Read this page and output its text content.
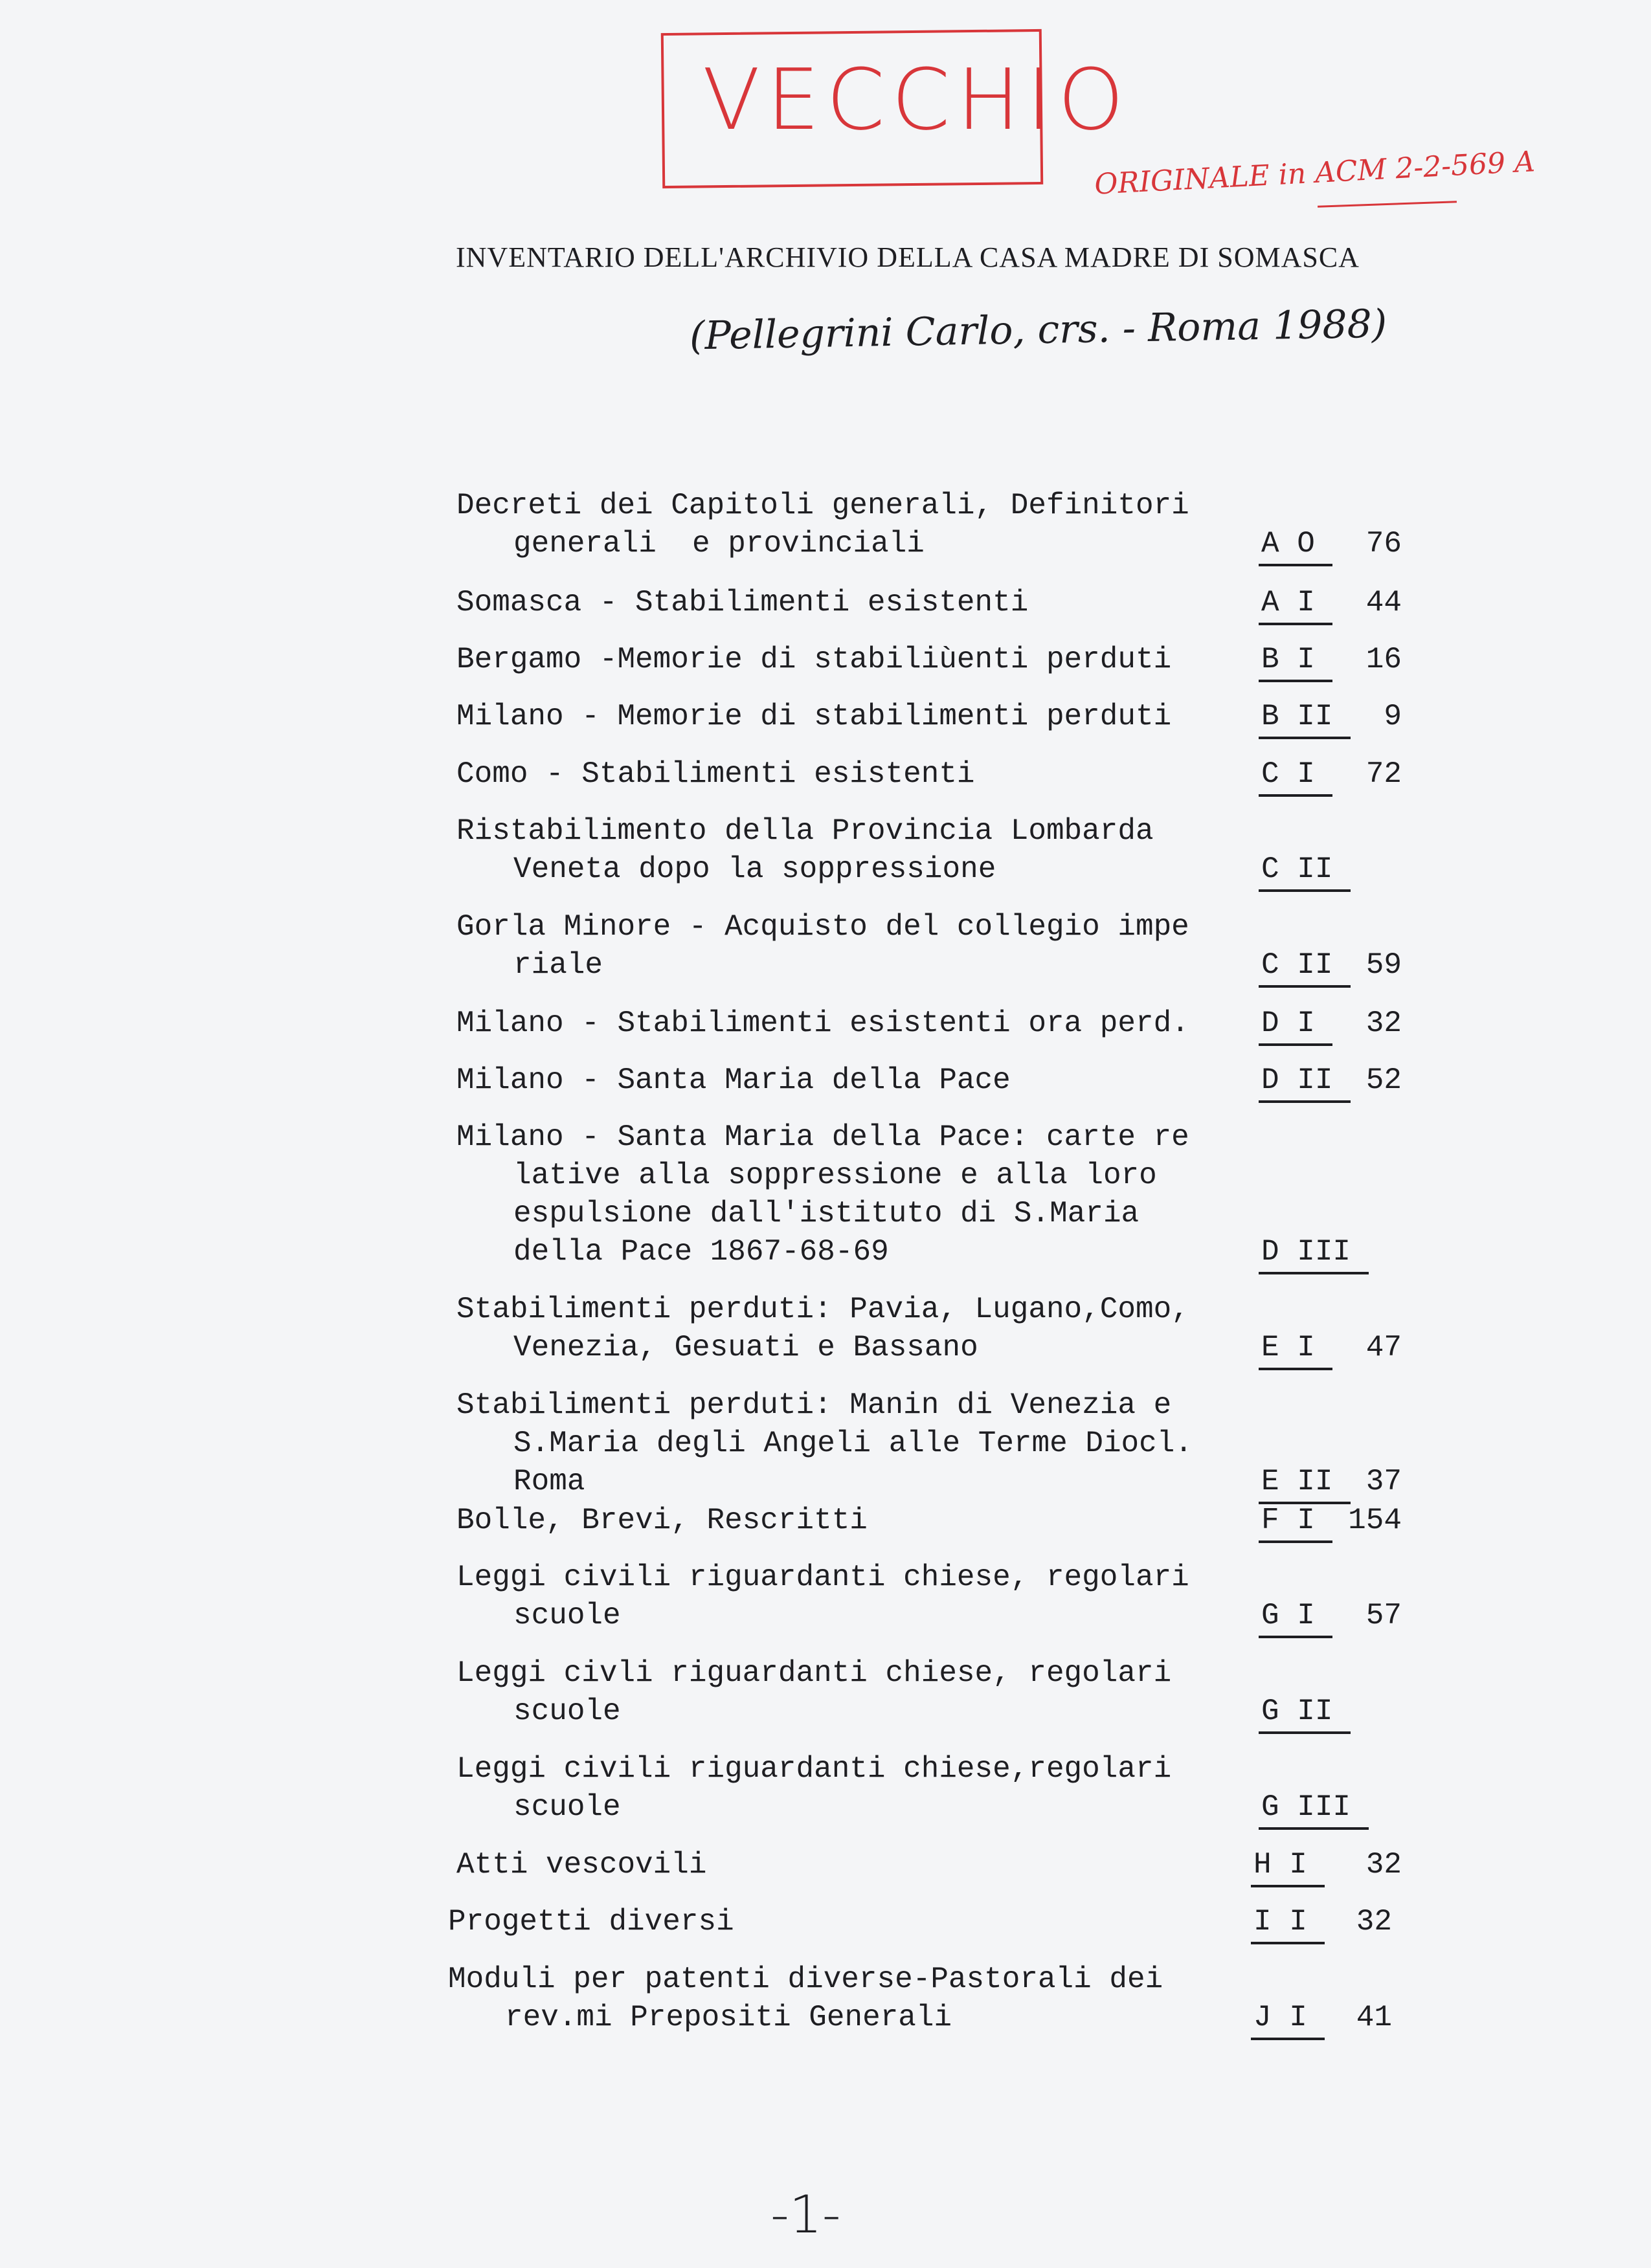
VECCHIO
ORIGINALE in ACM 2-2-569 A
INVENTARIO DELL'ARCHIVIO DELLA CASA MADRE DI SOMASCA
(Pellegrini Carlo, crs. - Roma 1988)
Decreti dei Capitoli generali, Definitori
generali  e provinciali	A O	76
Somasca - Stabilimenti esistenti	A I	44
Bergamo -Memorie di stabiliùenti perduti	B I	16
Milano - Memorie di stabilimenti perduti	B II	9
Como - Stabilimenti esistenti	C I	72
Ristabilimento della Provincia Lombarda
Veneta dopo la soppressione	C II
Gorla Minore - Acquisto del collegio impe
riale	C II	59
Milano - Stabilimenti esistenti ora perd.	D I	32
Milano - Santa Maria della Pace	D II	52
Milano - Santa Maria della Pace: carte re
lative alla soppressione e alla loro
espulsione dall'istituto di S.Maria
della Pace 1867-68-69	D III
Stabilimenti perduti: Pavia, Lugano,Como,
Venezia, Gesuati e Bassano	E I	47
Stabilimenti perduti: Manin di Venezia e
S.Maria degli Angeli alle Terme Diocl.
Roma	E II	37
Bolle, Brevi, Rescritti	F I 154
Leggi civili riguardanti chiese, regolari
scuole	G I	57
Leggi civli riguardanti chiese, regolari
scuole	G II
Leggi civili riguardanti chiese,regolari
scuole	G III
Atti vescovili	H I	32
Progetti diversi	I I	32
Moduli per patenti diverse-Pastorali dei
rev.mi Prepositi Generali	J I	41
-1-
